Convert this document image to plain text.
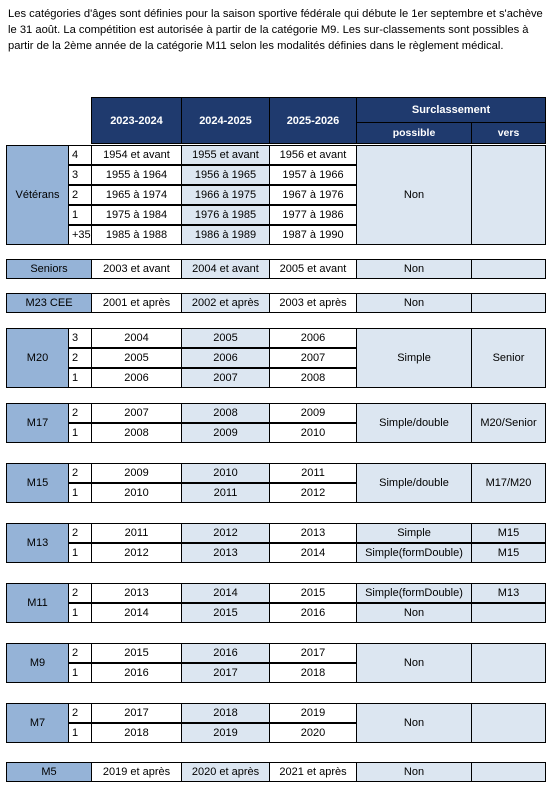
Les catégories d'âges sont définies pour la saison sportive fédérale qui débute le 1er septembre et s'achève le 31 août. La compétition est autorisée à partir de la catégorie M9. Les sur-classements sont possibles à partir de la 2ème année de la catégorie M11 selon les modalités définies dans le règlement médical.
2023-2024	2024-2025	2025-2026
Surclassement
possible	vers
Vétérans
4	1954 et avant	1955 et avant	1956 et avant
3	1955 à 1964	1956 à 1965	1957 à 1966
2	1965 à 1974	1966 à 1975	1967 à 1976
1	1975 à 1984	1976 à 1985	1977 à 1986
+35	1985 à 1988	1986 à 1989	1987 à 1990
Non
Seniors	2003 et avant	2004 et avant	2005 et avant	Non
M23 CEE	2001 et après	2002 et après	2003 et après	Non
M20
3	2004	2005	2006
2	2005	2006	2007
1	2006	2007	2008
Simple	Senior
M17
2	2007	2008	2009
1	2008	2009	2010
Simple/double	M20/Senior
M15
2	2009	2010	2011
1	2010	2011	2012
Simple/double	M17/M20
M13
2	2011	2012	2013	Simple	M15
1	2012	2013	2014	Simple(formDouble)	M15
M11
2	2013	2014	2015	Simple(formDouble)	M13
1	2014	2015	2016	Non
M9
2	2015	2016	2017
1	2016	2017	2018
Non
M7
2	2017	2018	2019
1	2018	2019	2020
Non
M5	2019 et après	2020 et après	2021 et après	Non
